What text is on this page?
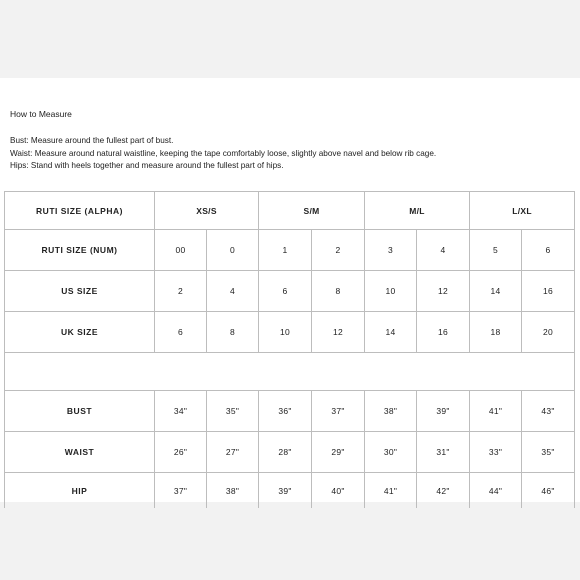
How to Measure
Bust: Measure around the fullest part of bust.
Waist: Measure around natural waistline, keeping the tape comfortably loose, slightly above navel and below rib cage.
Hips: Stand with heels together and measure around the fullest part of hips.
RUTI SIZE (ALPHA)	XS/S		S/M		M/L		L/XL	
RUTI SIZE (NUM)	00	0	1	2	3	4	5	6
US SIZE	2	4	6	8	10	12	14	16
UK SIZE	6	8	10	12	14	16	18	20

BUST	34"	35"	36"	37"	38"	39"	41"	43"
WAIST	26"	27"	28"	29"	30"	31"	33"	35"
HIP	37"	38"	39"	40"	41"	42"	44"	46"
